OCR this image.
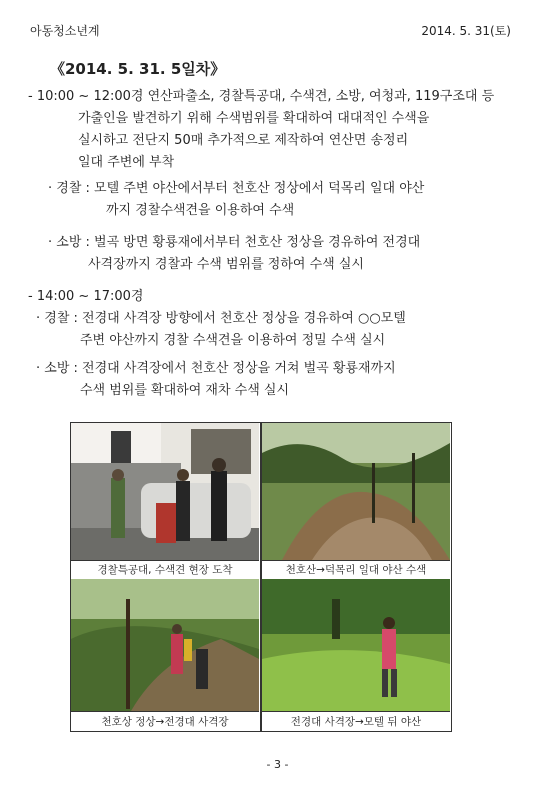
아동청소년계	2014. 5. 31(토)
《2014. 5. 31. 5일차》
- 10:00 ~ 12:00경 연산파출소, 경찰특공대, 수색견, 소방, 여청과, 119구조대 등
가출인을 발견하기 위해 수색범위를 확대하여 대대적인 수색을
실시하고 전단지 50매 추가적으로 제작하여 연산면 송정리
일대 주변에 부착
· 경찰 : 모텔 주변 야산에서부터 천호산 정상에서 덕목리 일대 야산
까지 경찰수색견을 이용하여 수색
· 소방 : 벌곡 방면 황룡재에서부터 천호산 정상을 경유하여 전경대
사격장까지 경찰과 수색 범위를 정하여 수색 실시
- 14:00 ~ 17:00경
· 경찰 : 전경대 사격장 방향에서 천호산 정상을 경유하여 ○○모텔
주변 야산까지 경찰 수색견을 이용하여 정밀 수색 실시
· 소방 : 전경대 사격장에서 천호산 정상을 거쳐 벌곡 황룡재까지
수색 범위를 확대하여 재차 수색 실시
경찰특공대, 수색견 현장 도착	천호산→덕목리 일대 야산 수색
천호상 정상→전경대 사격장	전경대 사격장→모텔 뒤 야산
- 3 -
